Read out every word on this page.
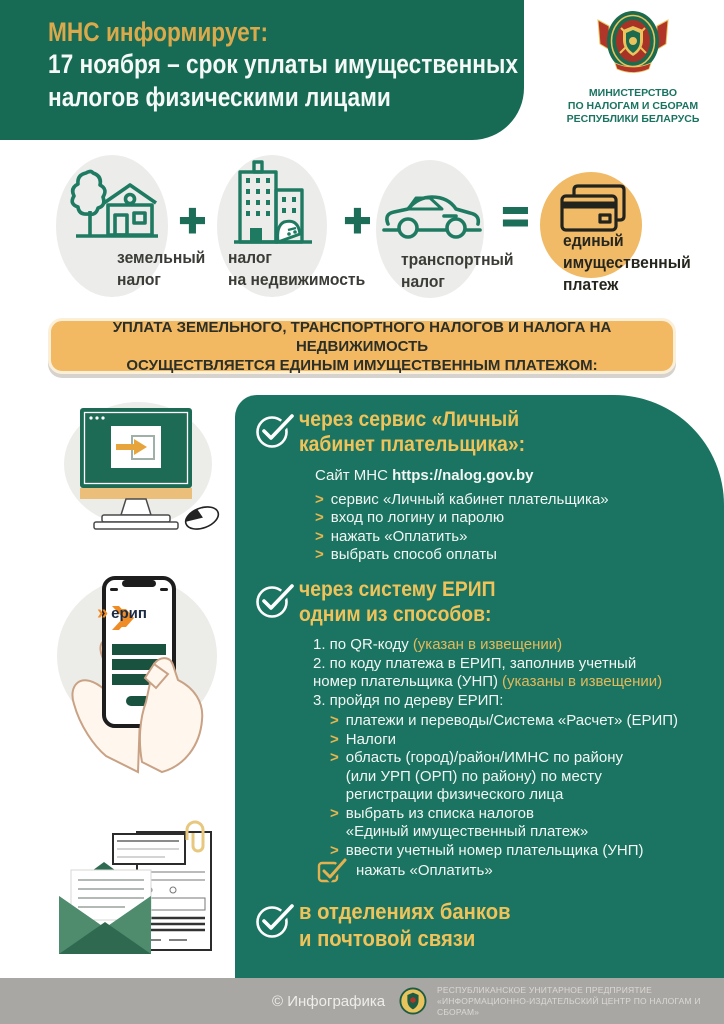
МНС информирует:
17 ноября – срок уплаты имущественных
налогов физическими лицами	МИНИСТЕРСТВО
ПО НАЛОГАМ И СБОРАМ
РЕСПУБЛИКИ БЕЛАРУСЬ
+	+	=
земельный
налог
налог
на недвижимость
транспортный
налог
единый
имущественный
платеж
УПЛАТА ЗЕМЕЛЬНОГО, ТРАНСПОРТНОГО НАЛОГОВ И НАЛОГА НА НЕДВИЖИМОСТЬ
ОСУЩЕСТВЛЯЕТСЯ ЕДИНЫМ ИМУЩЕСТВЕННЫМ ПЛАТЕЖОМ:
» ерип
через сервис «Личный
кабинет плательщика»:
Сайт МНС https://nalog.gov.by
> сервис «Личный кабинет плательщика»
> вход по логину и паролю
> нажать «Оплатить»
> выбрать способ оплаты
через систему ЕРИП
одним из способов:
1. по QR-коду (указан в извещении)
2. по коду платежа в ЕРИП, заполнив учетный
номер плательщика (УНП) (указаны в извещении)
3. пройдя по дереву ЕРИП:
> платежи и переводы/Система «Расчет» (ЕРИП)
> Налоги
> область (город)/район/ИМНС по району
(или УРП (ОРП) по району) по месту
регистрации физического лица
> выбрать из списка налогов
«Единый имущественный платеж»
> ввести учетный номер плательщика (УНП)
нажать «Оплатить»
в отделениях банков
и почтовой связи
© Инфографика
РЕСПУБЛИКАНСКОЕ УНИТАРНОЕ ПРЕДПРИЯТИЕ
«ИНФОРМАЦИОННО-ИЗДАТЕЛЬСКИЙ ЦЕНТР ПО НАЛОГАМ И СБОРАМ»
